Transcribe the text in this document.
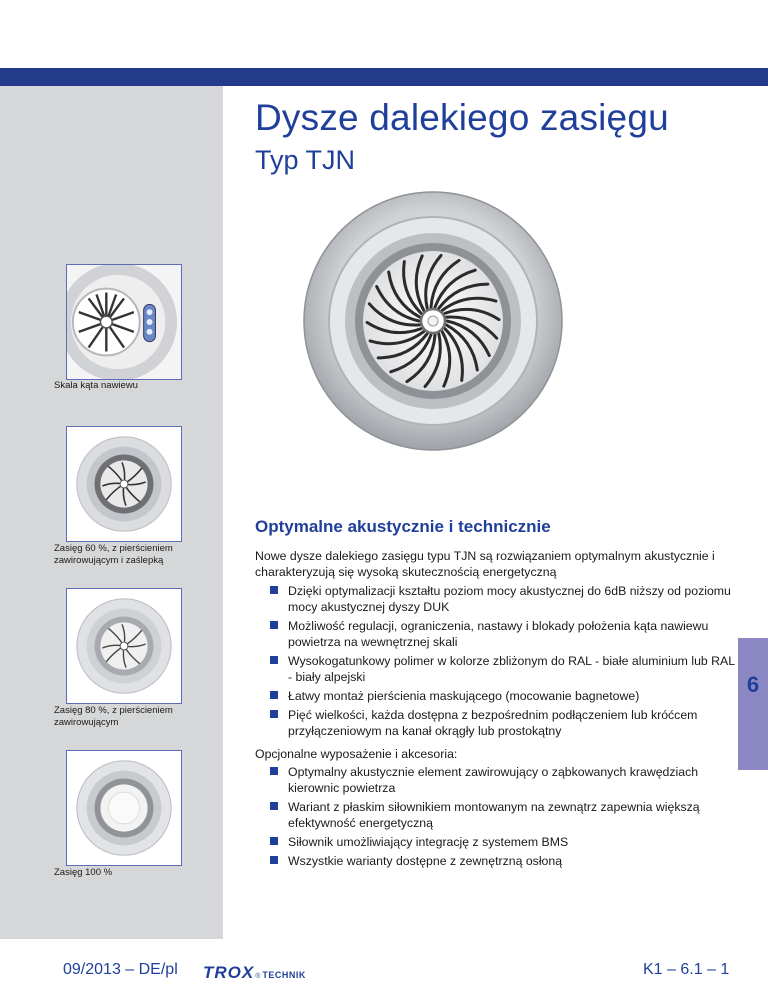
Dysze dalekiego zasięgu
Typ TJN
Skala kąta nawiewu
Zasięg 60 %, z pierścieniem zawirowującym i zaślepką
Zasięg 80 %, z pierścieniem zawirowującym
Zasięg 100 %
Optymalne akustycznie i technicznie

Nowe dysze dalekiego zasięgu typu TJN są rozwiązaniem optymalnym akustycznie i charakteryzują się wysoką skutecznością energetyczną

Dzięki optymalizacji kształtu poziom mocy akustycznej do 6dB niższy od poziomu mocy akustycznej dyszy DUK
Możliwość regulacji, ograniczenia, nastawy i blokady położenia kąta nawiewu powietrza na wewnętrznej skali
Wysokogatunkowy polimer w kolorze zbliżonym do RAL - białe aluminium lub RAL - biały alpejski
Łatwy montaż pierścienia maskującego (mocowanie bagnetowe)
Pięć wielkości, każda dostępna z bezpośrednim podłączeniem lub króćcem przyłączeniowym na kanał okrągły lub prostokątny

Opcjonalne wyposażenie i akcesoria:

Optymalny akustycznie element zawirowujący o ząbkowanych krawędziach kierownic powietrza
Wariant z płaskim siłownikiem montowanym na zewnątrz zapewnia większą efektywność energetyczną
Siłownik umożliwiający integrację z systemem BMS
Wszystkie warianty dostępne z zewnętrzną osłoną
6
09/2013 – DE/pl TROX ® TECHNIK	K1 – 6.1 – 1
